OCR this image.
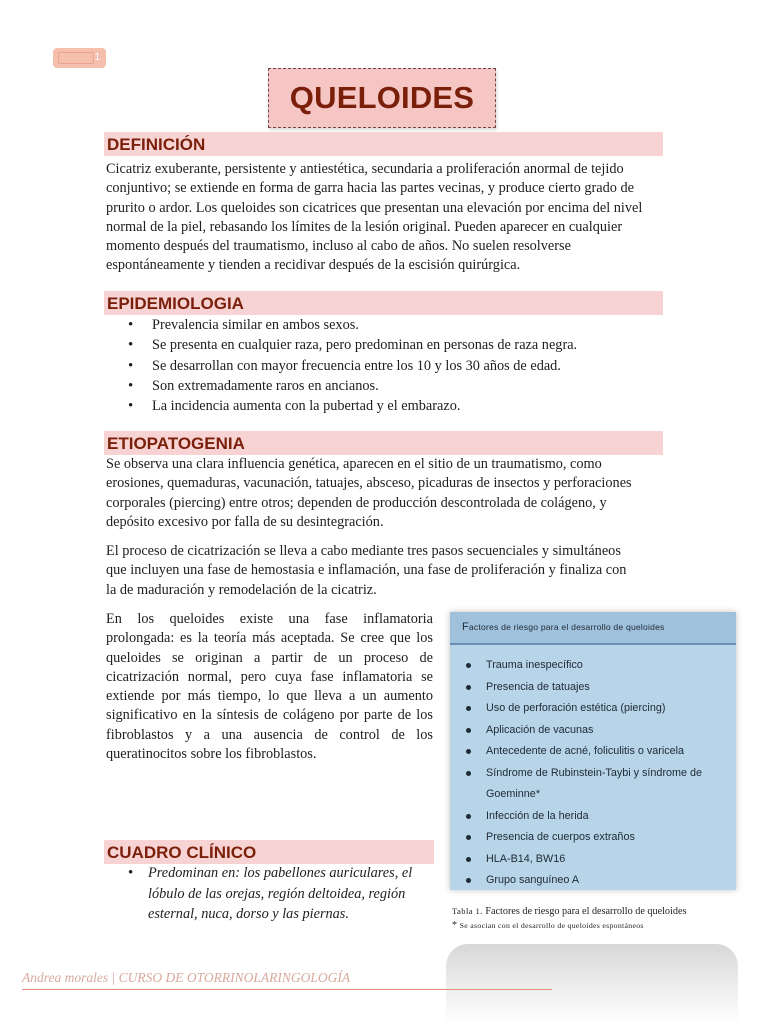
1
QUELOIDES
DEFINICIÓN
Cicatriz exuberante, persistente y antiestética, secundaria a proliferación anormal de tejido
conjuntivo; se extiende en forma de garra hacia las partes vecinas, y produce cierto grado de
prurito o ardor. Los queloides son cicatrices que presentan una elevación por encima del nivel
normal de la piel, rebasando los límites de la lesión original. Pueden aparecer en cualquier
momento después del traumatismo, incluso al cabo de años. No suelen resolverse
espontáneamente y tienden a recidivar después de la escisión quirúrgica.
EPIDEMIOLOGIA
• Prevalencia similar en ambos sexos.
• Se presenta en cualquier raza, pero predominan en personas de raza negra.
• Se desarrollan con mayor frecuencia entre los 10 y los 30 años de edad.
• Son extremadamente raros en ancianos.
• La incidencia aumenta con la pubertad y el embarazo.
ETIOPATOGENIA
Se observa una clara influencia genética, aparecen en el sitio de un traumatismo, como
erosiones, quemaduras, vacunación, tatuajes, absceso, picaduras de insectos y perforaciones
corporales (piercing) entre otros; dependen de producción descontrolada de colágeno, y
depósito excesivo por falla de su desintegración.
El proceso de cicatrización se lleva a cabo mediante tres pasos secuenciales y simultáneos
que incluyen una fase de hemostasia e inflamación, una fase de proliferación y finaliza con
la de maduración y remodelación de la cicatriz.
En los queloides existe una fase inflamatoria
prolongada: es la teoría más aceptada. Se cree que los
queloides se originan a partir de un proceso de
cicatrización normal, pero cuya fase inflamatoria se
extiende por más tiempo, lo que lleva a un aumento
significativo en la síntesis de colágeno por parte de los
fibroblastos y a una ausencia de control de los
queratinocitos sobre los fibroblastos.
CUADRO CLÍNICO
• Predominan en: los pabellones auriculares, el lóbulo de las orejas, región deltoidea, región esternal, nuca, dorso y las piernas.
Factores de riesgo para el desarrollo de queloides
Trauma inespecífico
Presencia de tatuajes
Uso de perforación estética (piercing)
Aplicación de vacunas
Antecedente de acné, foliculitis o varicela
Síndrome de Rubinstein-Taybi y síndrome de Goeminne*
Infección de la herida
Presencia de cuerpos extraños
HLA-B14, BW16
Grupo sanguíneo A
Tabla 1. Factores de riesgo para el desarrollo de queloides
* Se asocian con el desarrollo de queloides espontáneos
Andrea morales | CURSO DE OTORRINOLARINGOLOGÍA
